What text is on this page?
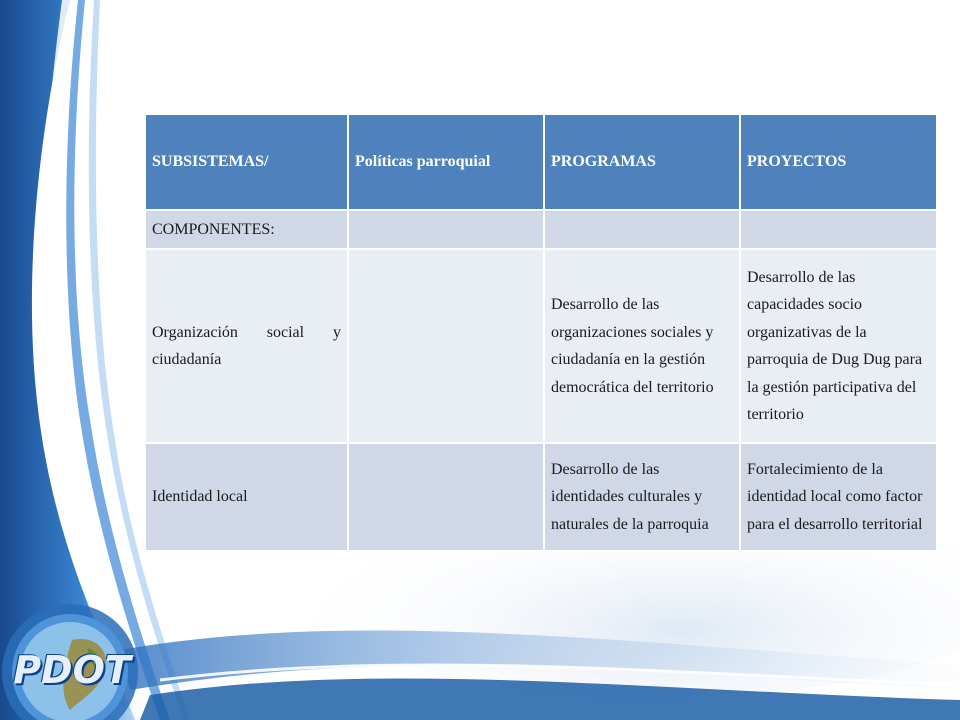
PDOT
SUBSISTEMAS/	Políticas parroquial	PROGRAMAS	PROYECTOS
COMPONENTES:			
Organización social y
ciudadanía		Desarrollo de las organizaciones sociales y ciudadanía en la gestión democrática del territorio	Desarrollo de las capacidades socio organizativas de la parroquia de Dug Dug para la gestión participativa del territorio
Identidad local		Desarrollo de las identidades culturales y naturales de la parroquia	Fortalecimiento de la identidad local como factor para el desarrollo territorial
